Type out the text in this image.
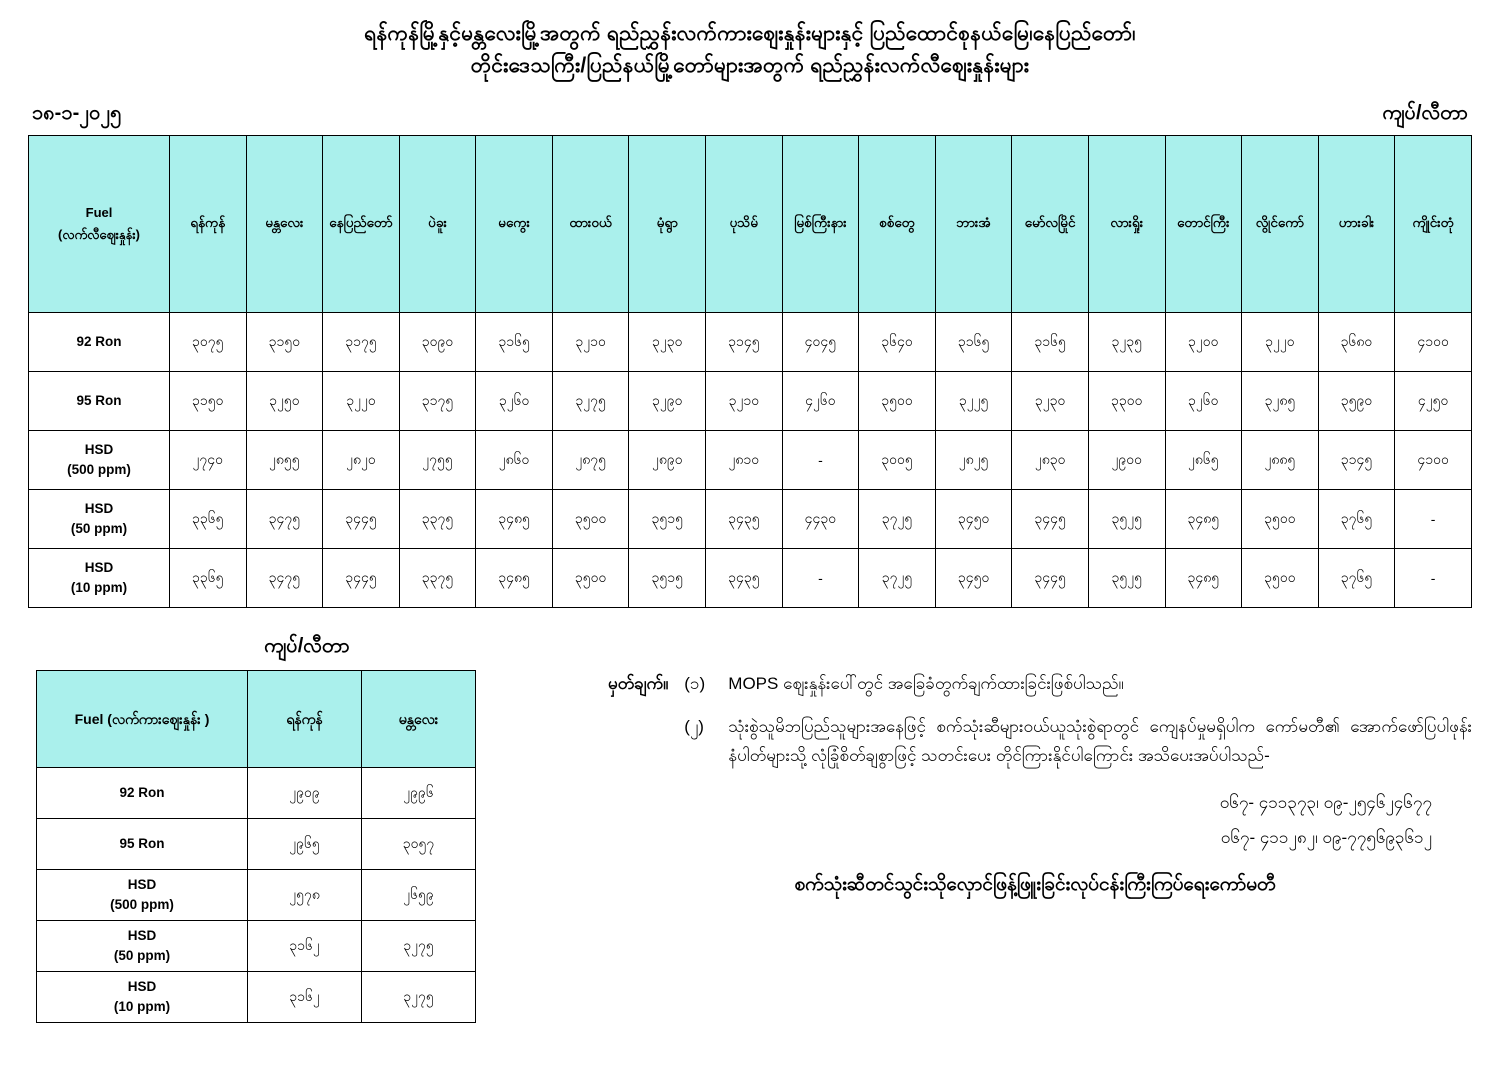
ရန်ကုန်မြို့နှင့်မန္တလေးမြို့အတွက် ရည်ညွှန်းလက်ကားဈေးနှုန်းများနှင့် ပြည်ထောင်စုနယ်မြေ၊နေပြည်တော်၊
တိုင်းဒေသကြီး/ပြည်နယ်မြို့တော်များအတွက် ရည်ညွှန်းလက်လီဈေးနှုန်းများ
၁၈-၁-၂၀၂၅	ကျပ်/လီတာ
Fuel
(လက်လီဈေးနှုန်း)	ရန်ကုန်	မန္တလေး	နေပြည်တော်	ပဲခူး	မကွေး	ထားဝယ်	မုံရွာ	ပုသိမ်	မြစ်ကြီးနား	စစ်တွေ	ဘားအံ	မော်လမြိုင်	လားရှိုး	တောင်ကြီး	လွိုင်ကော်	ဟားခါး	ကျိုင်းတုံ
92 Ron	၃၀၇၅	၃၁၅၀	၃၁၇၅	၃၀၉၀	၃၁၆၅	၃၂၁၀	၃၂၃၀	၃၁၄၅	၄၀၄၅	၃၆၄၀	၃၁၆၅	၃၁၆၅	၃၂၃၅	၃၂၀၀	၃၂၂၀	၃၆၈၀	၄၁၀၀
95 Ron	၃၁၅၀	၃၂၅၀	၃၂၂၀	၃၁၇၅	၃၂၆၀	၃၂၇၅	၃၂၉၀	၃၂၁၀	၄၂၆၀	၃၅၀၀	၃၂၂၅	၃၂၃၀	၃၃၀၀	၃၂၆၀	၃၂၈၅	၃၅၉၀	၄၂၅၀
HSD
(500 ppm)	၂၇၄၀	၂၈၅၅	၂၈၂၀	၂၇၅၅	၂၈၆၀	၂၈၇၅	၂၈၉၀	၂၈၁၀	-	၃၀၀၅	၂၈၂၅	၂၈၃၀	၂၉၀၀	၂၈၆၅	၂၈၈၅	၃၁၄၅	၄၁၀၀
HSD
(50 ppm)	၃၃၆၅	၃၄၇၅	၃၄၄၅	၃၃၇၅	၃၄၈၅	၃၅၀၀	၃၅၁၅	၃၄၃၅	၄၄၃၀	၃၇၂၅	၃၄၅၀	၃၄၄၅	၃၅၂၅	၃၄၈၅	၃၅၀၀	၃၇၆၅	-
HSD
(10 ppm)	၃၃၆၅	၃၄၇၅	၃၄၄၅	၃၃၇၅	၃၄၈၅	၃၅၀၀	၃၅၁၅	၃၄၃၅	-	၃၇၂၅	၃၄၅၀	၃၄၄၅	၃၅၂၅	၃၄၈၅	၃၅၀၀	၃၇၆၅	-
ကျပ်/လီတာ
Fuel (လက်ကားဈေးနှုန်း )	ရန်ကုန်	မန္တလေး
92 Ron	၂၉၀၉	၂၉၉၆
95 Ron	၂၉၆၅	၃၀၅၇
HSD
(500 ppm)	၂၅၇၈	၂၆၅၉
HSD
(50 ppm)	၃၁၆၂	၃၂၇၅
HSD
(10 ppm)	၃၁၆၂	၃၂၇၅
မှတ်ချက်။ (၁)	MOPS ဈေးနှုန်းပေါ်တွင် အခြေခံတွက်ချက်ထားခြင်းဖြစ်ပါသည်။
(၂)	သုံးစွဲသူမိဘပြည်သူများအနေဖြင့် စက်သုံးဆီများဝယ်ယူသုံးစွဲရာတွင် ကျေနပ်မှုမရှိပါက ကော်မတီ၏ အောက်ဖော်ပြပါဖုန်းနံပါတ်များသို့ လုံခြုံစိတ်ချစွာဖြင့် သတင်းပေး တိုင်ကြားနိုင်ပါကြောင်း အသိပေးအပ်ပါသည်-
၀၆၇- ၄၁၁၃၇၃၊ ၀၉-၂၅၄၆၂၄၆၇၇
၀၆၇- ၄၁၁၂၈၂၊ ၀၉-၇၇၅၆၉၃၆၁၂
စက်သုံးဆီတင်သွင်းသိုလှောင်ဖြန့်ဖြူးခြင်းလုပ်ငန်းကြီးကြပ်ရေးကော်မတီ
